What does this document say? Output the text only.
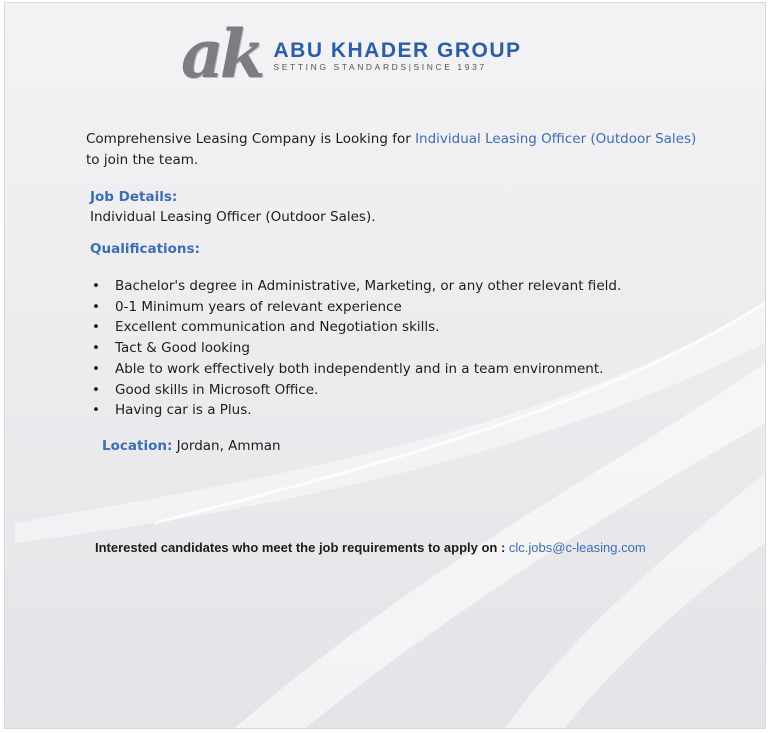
ak ABU KHADER GROUP
SETTING STANDARDS|SINCE 1937
Comprehensive Leasing Company is Looking for Individual Leasing Officer (Outdoor Sales) to join the team.
Job Details:
Individual Leasing Officer (Outdoor Sales).
Qualifications:
• Bachelor's degree in Administrative, Marketing, or any other relevant field.
• 0-1 Minimum years of relevant experience
• Excellent communication and Negotiation skills.
• Tact & Good looking
• Able to work effectively both independently and in a team environment.
• Good skills in Microsoft Office.
• Having car is a Plus.
Location: Jordan, Amman
Interested candidates who meet the job requirements to apply on : clc.jobs@c-leasing.com
